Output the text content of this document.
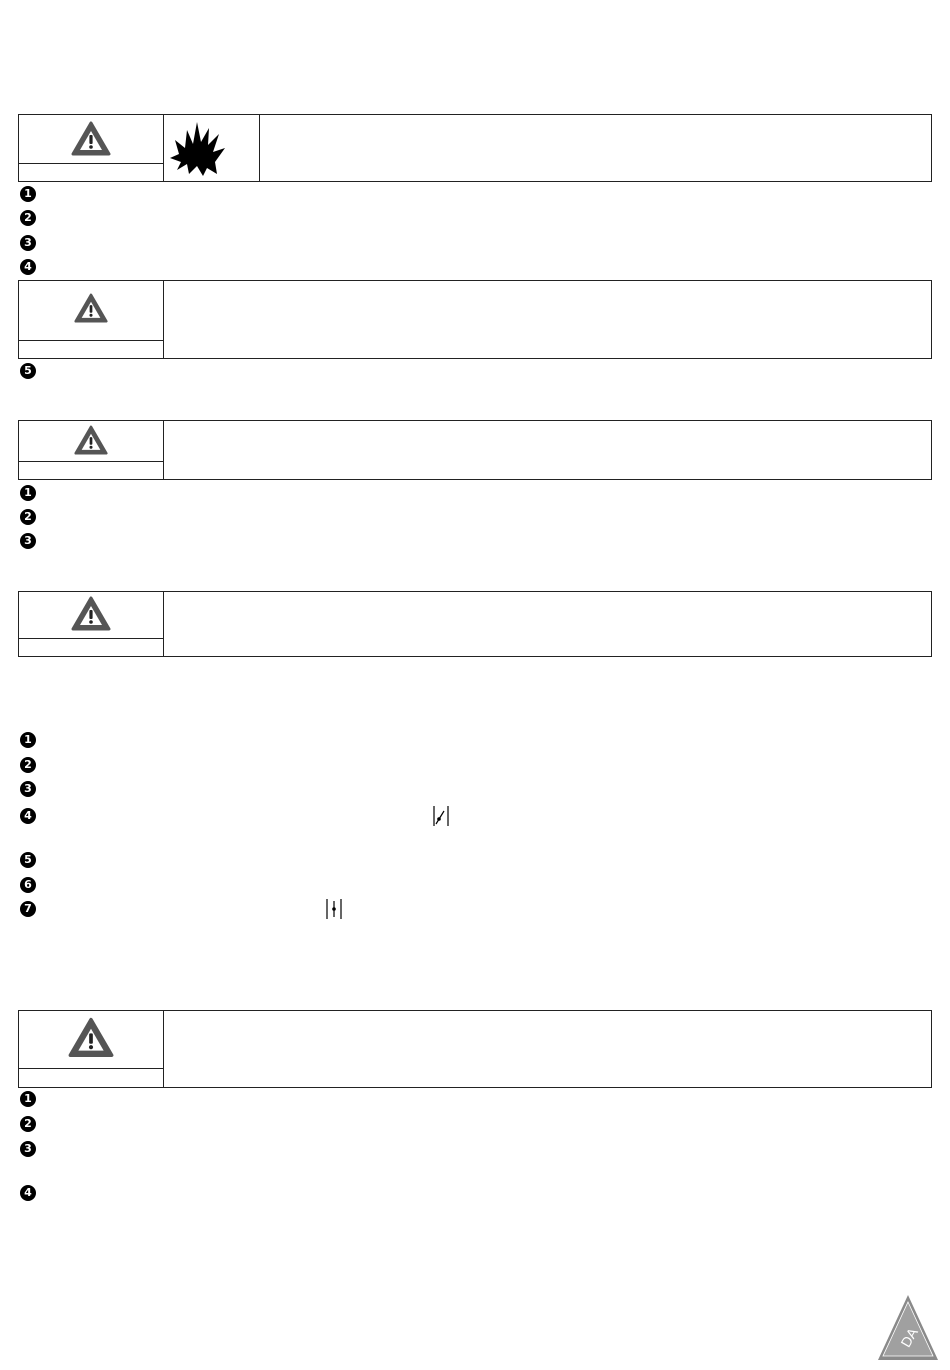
1
2
3
4
5
1
2
3
1
2
3
4
5
6
7
1
2
3
4
DA
